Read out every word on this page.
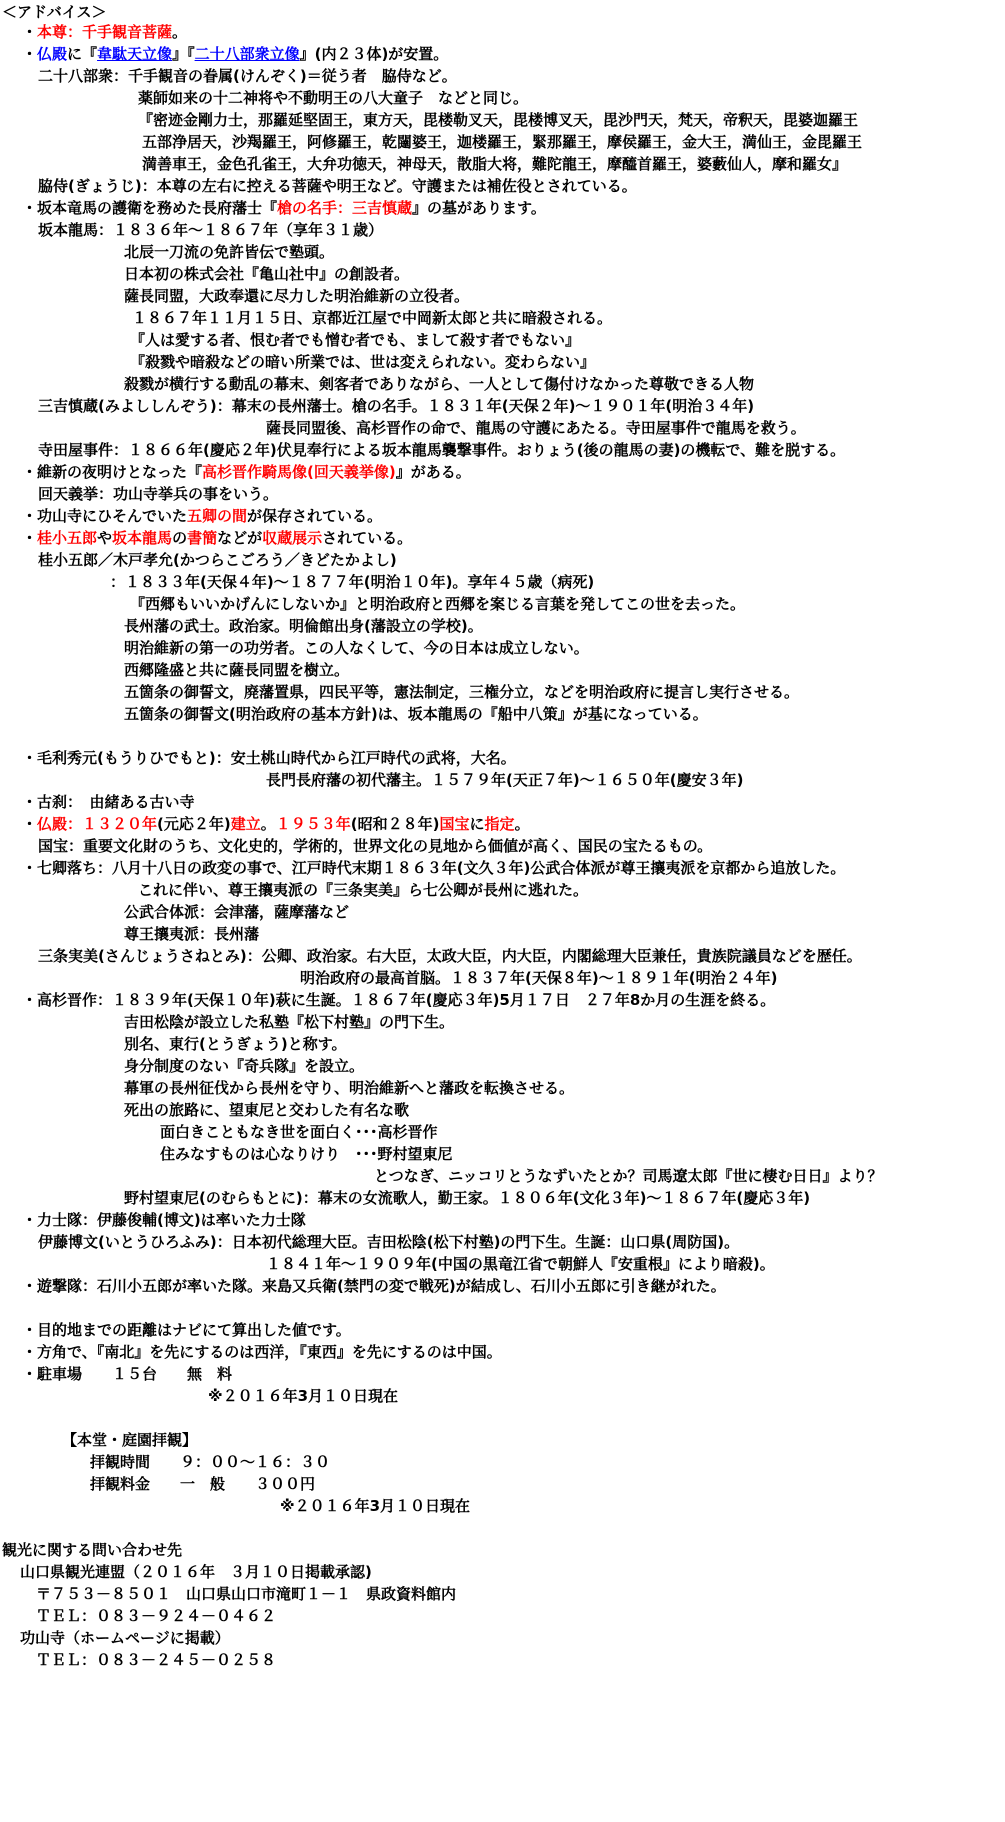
＜アドバイス＞
・本尊：千手観音菩薩。
・仏殿に『韋駄天立像』『二十八部衆立像』(内２３体)が安置。
二十八部衆：千手観音の眷属(けんぞく)＝従う者　脇侍など。
薬師如来の十二神将や不動明王の八大童子　などと同じ。
『密迹金剛力士，那羅延堅固王，東方天，毘楼勒叉天，毘楼博叉天，毘沙門天，梵天，帝釈天，毘婆迦羅王
五部浄居天，沙羯羅王，阿修羅王，乾闥婆王，迦楼羅王，緊那羅王，摩侯羅王，金大王，満仙王，金毘羅王
満善車王，金色孔雀王，大弁功徳天，神母天，散脂大将，難陀龍王，摩醯首羅王，婆藪仙人，摩和羅女』
脇侍(ぎょうじ)：本尊の左右に控える菩薩や明王など。守護または補佐役とされている。
・坂本竜馬の護衛を務めた長府藩士『槍の名手：三吉慎蔵』の墓があります。
坂本龍馬：１８３６年～１８６７年（享年３１歳）
北辰一刀流の免許皆伝で塾頭。
日本初の株式会社『亀山社中』の創設者。
薩長同盟，大政奉還に尽力した明治維新の立役者。
１８６７年１１月１５日、京都近江屋で中岡新太郎と共に暗殺される。
『人は愛する者、恨む者でも憎む者でも、まして殺す者でもない』
『殺戮や暗殺などの暗い所業では、世は変えられない。変わらない』
殺戮が横行する動乱の幕末、剣客者でありながら、一人として傷付けなかった尊敬できる人物
三吉慎蔵(みよししんぞう)：幕末の長州藩士。槍の名手。１８３１年(天保２年)～１９０１年(明治３４年)
薩長同盟後、高杉晋作の命で、龍馬の守護にあたる。寺田屋事件で龍馬を救う。
寺田屋事件：１８６６年(慶応２年)伏見奉行による坂本龍馬襲撃事件。おりょう(後の龍馬の妻)の機転で、難を脱する。
・維新の夜明けとなった『高杉晋作騎馬像(回天義挙像)』がある。
回天義挙：功山寺挙兵の事をいう。
・功山寺にひそんでいた五卿の間が保存されている。
・桂小五郎や坂本龍馬の書簡などが収蔵展示されている。
桂小五郎／木戸孝允(かつらこごろう／きどたかよし)
：１８３３年(天保４年)～１８７７年(明治１０年)。享年４５歳（病死)
『西郷もいいかげんにしないか』と明治政府と西郷を案じる言葉を発してこの世を去った。
長州藩の武士。政治家。明倫館出身(藩設立の学校)。
明治維新の第一の功労者。この人なくして、今の日本は成立しない。
西郷隆盛と共に薩長同盟を樹立。
五箇条の御誓文，廃藩置県，四民平等，憲法制定，三権分立，などを明治政府に提言し実行させる。
五箇条の御誓文(明治政府の基本方針)は、坂本龍馬の『船中八策』が基になっている。
・毛利秀元(もうりひでもと)：安土桃山時代から江戸時代の武将，大名。
長門長府藩の初代藩主。１５７９年(天正７年)～１６５０年(慶安３年)
・古刹：　由緒ある古い寺
・仏殿：１３２０年(元応２年)建立。１９５３年(昭和２８年)国宝に指定。
国宝：重要文化財のうち、文化史的，学術的，世界文化の見地から価値が高く、国民の宝たるもの。
・七卿落ち：八月十八日の政変の事で、江戸時代末期１８６３年(文久３年)公武合体派が尊王攘夷派を京都から追放した。
これに伴い、尊王攘夷派の『三条実美』ら七公卿が長州に逃れた。
公武合体派：会津藩，薩摩藩など
尊王攘夷派：長州藩
三条実美(さんじょうさねとみ)：公卿、政治家。右大臣，太政大臣，内大臣，内閣総理大臣兼任，貴族院議員などを歴任。
明治政府の最高首脳。１８３７年(天保８年)～１８９１年(明治２４年)
・高杉晋作：１８３９年(天保１０年)萩に生誕。１８６７年(慶応３年)5月１７日　２７年8か月の生涯を終る。
吉田松陰が設立した私塾『松下村塾』の門下生。
別名、東行(とうぎょう)と称す。
身分制度のない『奇兵隊』を設立。
幕軍の長州征伐から長州を守り、明治維新へと藩政を転換させる。
死出の旅路に、望東尼と交わした有名な歌
面白きこともなき世を面白く･･･高杉晋作
住みなすものは心なりけり　･･･野村望東尼
とつなぎ、ニッコリとうなずいたとか？司馬遼太郎『世に棲む日日』より？
野村望東尼(のむらもとに)：幕末の女流歌人，勤王家。１８０６年(文化３年)～１８６７年(慶応３年)
・力士隊：伊藤俊輔(博文)は率いた力士隊
伊藤博文(いとうひろふみ)：日本初代総理大臣。吉田松陰(松下村塾)の門下生。生誕：山口県(周防国)。
１８４１年～１９０９年(中国の黒竜江省で朝鮮人『安重根』により暗殺)。
・遊撃隊：石川小五郎が率いた隊。来島又兵衛(禁門の変で戦死)が結成し、石川小五郎に引き継がれた。
・目的地までの距離はナビにて算出した値です。
・方角で、『南北』を先にするのは西洋，『東西』を先にするのは中国。
・駐車場　　１５台　　無　料
※２０１６年3月１０日現在
【本堂・庭園拝観】
拝観時間　　９：００～１６：３０
拝観料金　　一　般　　３００円
※２０１６年3月１０日現在
観光に関する問い合わせ先
山口県観光連盟（２０１６年　３月１０日掲載承認)
〒７５３－８５０１　山口県山口市滝町１－１　県政資料館内
ＴＥＬ：０８３－９２４－０４６２
功山寺（ホームページに掲載）
ＴＥＬ：０８３－２４５－０２５８
